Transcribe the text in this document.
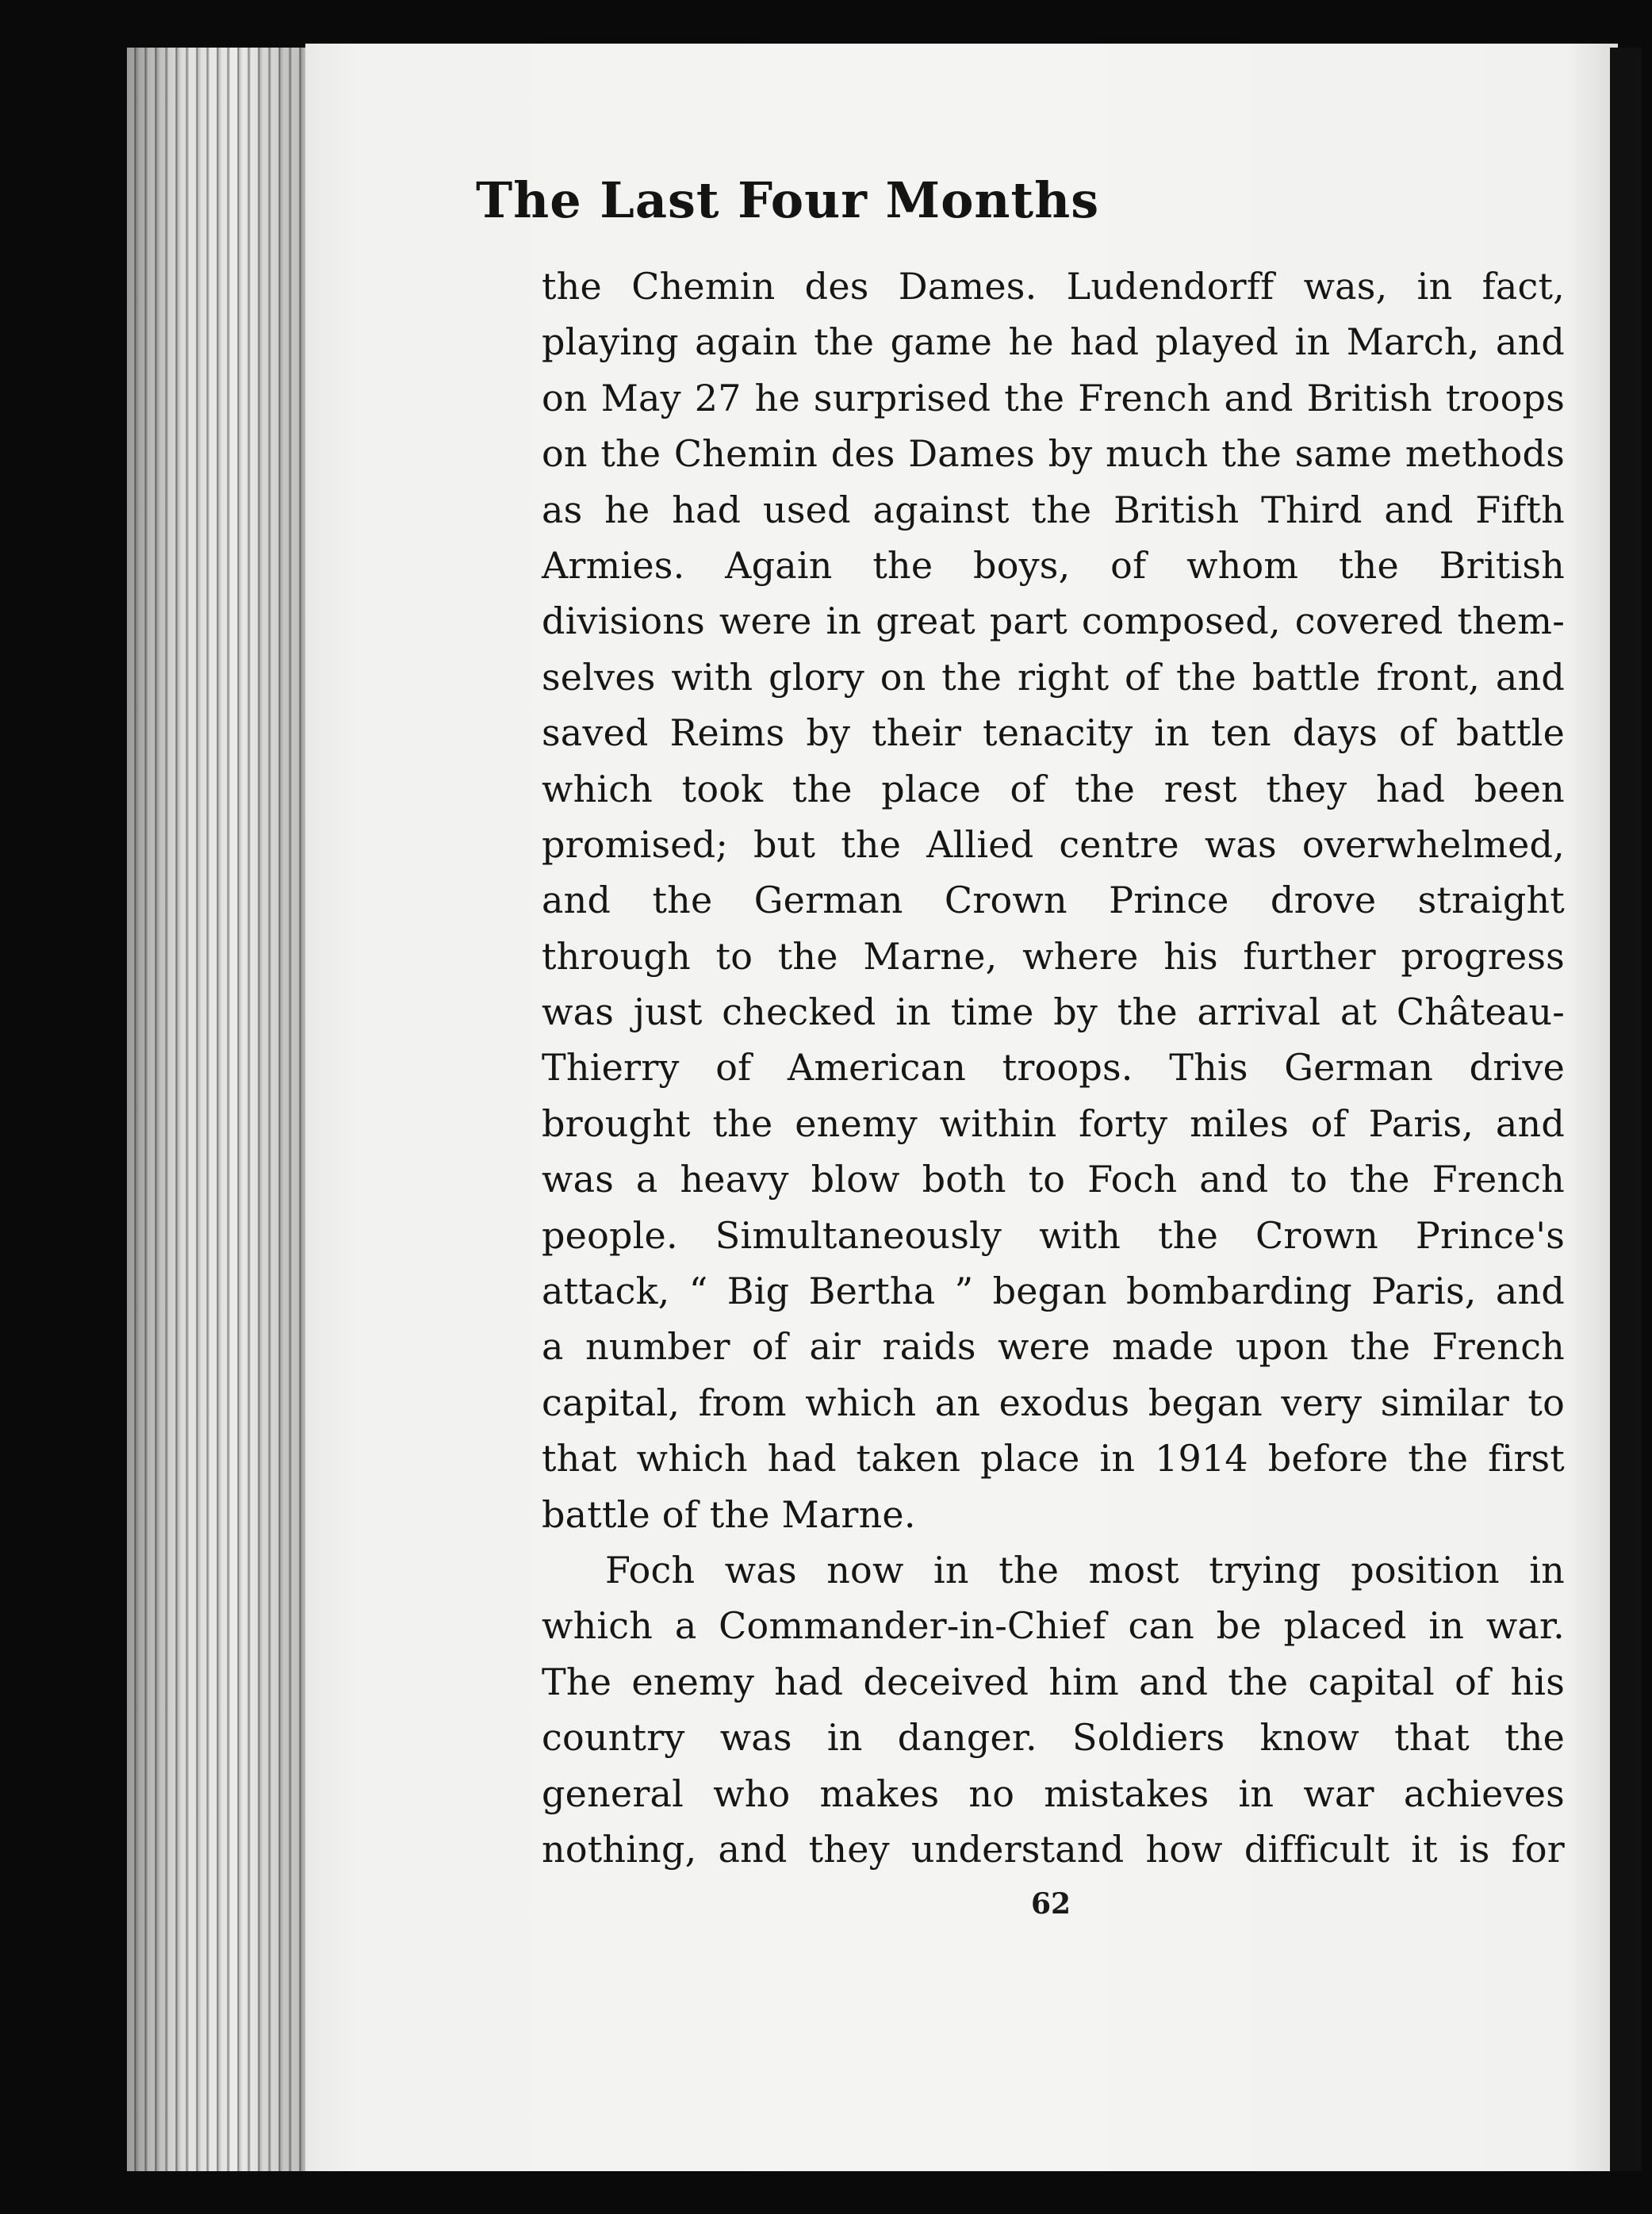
The Last Four Months
the Chemin des Dames. Ludendorff was, in fact,
playing again the game he had played in March, and
on May 27 he surprised the French and British troops
on the Chemin des Dames by much the same methods
as he had used against the British Third and Fifth
Armies. Again the boys, of whom the British
divisions were in great part composed, covered them-
selves with glory on the right of the battle front, and
saved Reims by their tenacity in ten days of battle
which took the place of the rest they had been
promised; but the Allied centre was overwhelmed,
and the German Crown Prince drove straight
through to the Marne, where his further progress
was just checked in time by the arrival at Château-
Thierry of American troops. This German drive
brought the enemy within forty miles of Paris, and
was a heavy blow both to Foch and to the French
people. Simultaneously with the Crown Prince's
attack, “ Big Bertha ” began bombarding Paris, and
a number of air raids were made upon the French
capital, from which an exodus began very similar to
that which had taken place in 1914 before the first
battle of the Marne.
Foch was now in the most trying position in
which a Commander-in-Chief can be placed in war.
The enemy had deceived him and the capital of his
country was in danger. Soldiers know that the
general who makes no mistakes in war achieves
nothing, and they understand how difficult it is for
62
